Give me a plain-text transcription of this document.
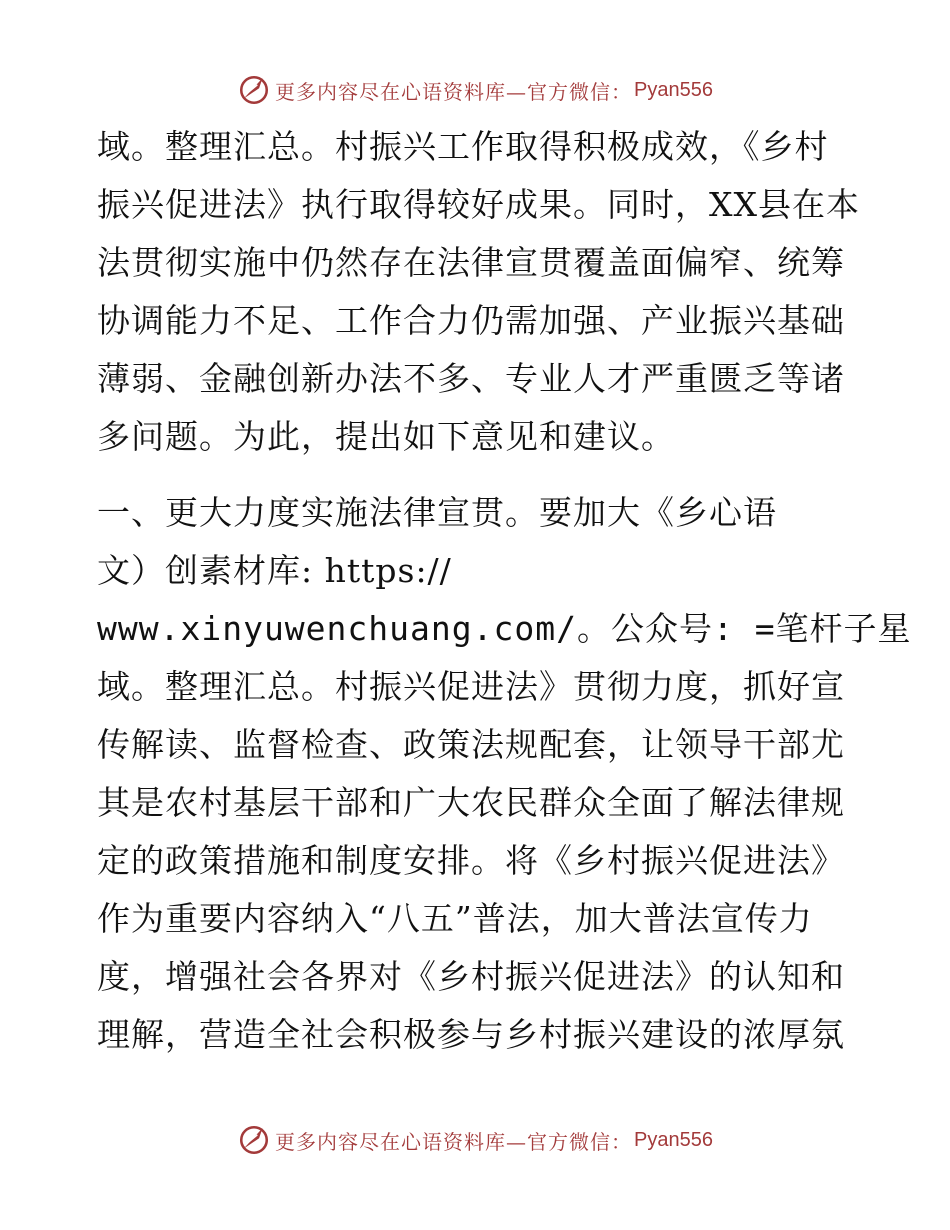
更多内容尽在心语资料库—官方微信： Pyan556
域。整理汇总。村振兴工作取得积极成效，《乡村
振兴促进法》执行取得较好成果。同时，XX县在本
法贯彻实施中仍然存在法律宣贯覆盖面偏窄、统筹
协调能力不足、工作合力仍需加强、产业振兴基础
薄弱、金融创新办法不多、专业人才严重匮乏等诸
多问题。为此，提出如下意见和建议。
一、更大力度实施法律宣贯。要加大《乡心语
文）创素材库: https://
www.xinyuwenchuang.com/。公众号: =笔杆子星
域。整理汇总。村振兴促进法》贯彻力度，抓好宣
传解读、监督检查、政策法规配套，让领导干部尤
其是农村基层干部和广大农民群众全面了解法律规
定的政策措施和制度安排。将《乡村振兴促进法》
作为重要内容纳入“八五”普法，加大普法宣传力
度，增强社会各界对《乡村振兴促进法》的认知和
理解，营造全社会积极参与乡村振兴建设的浓厚氛
更多内容尽在心语资料库—官方微信： Pyan556
